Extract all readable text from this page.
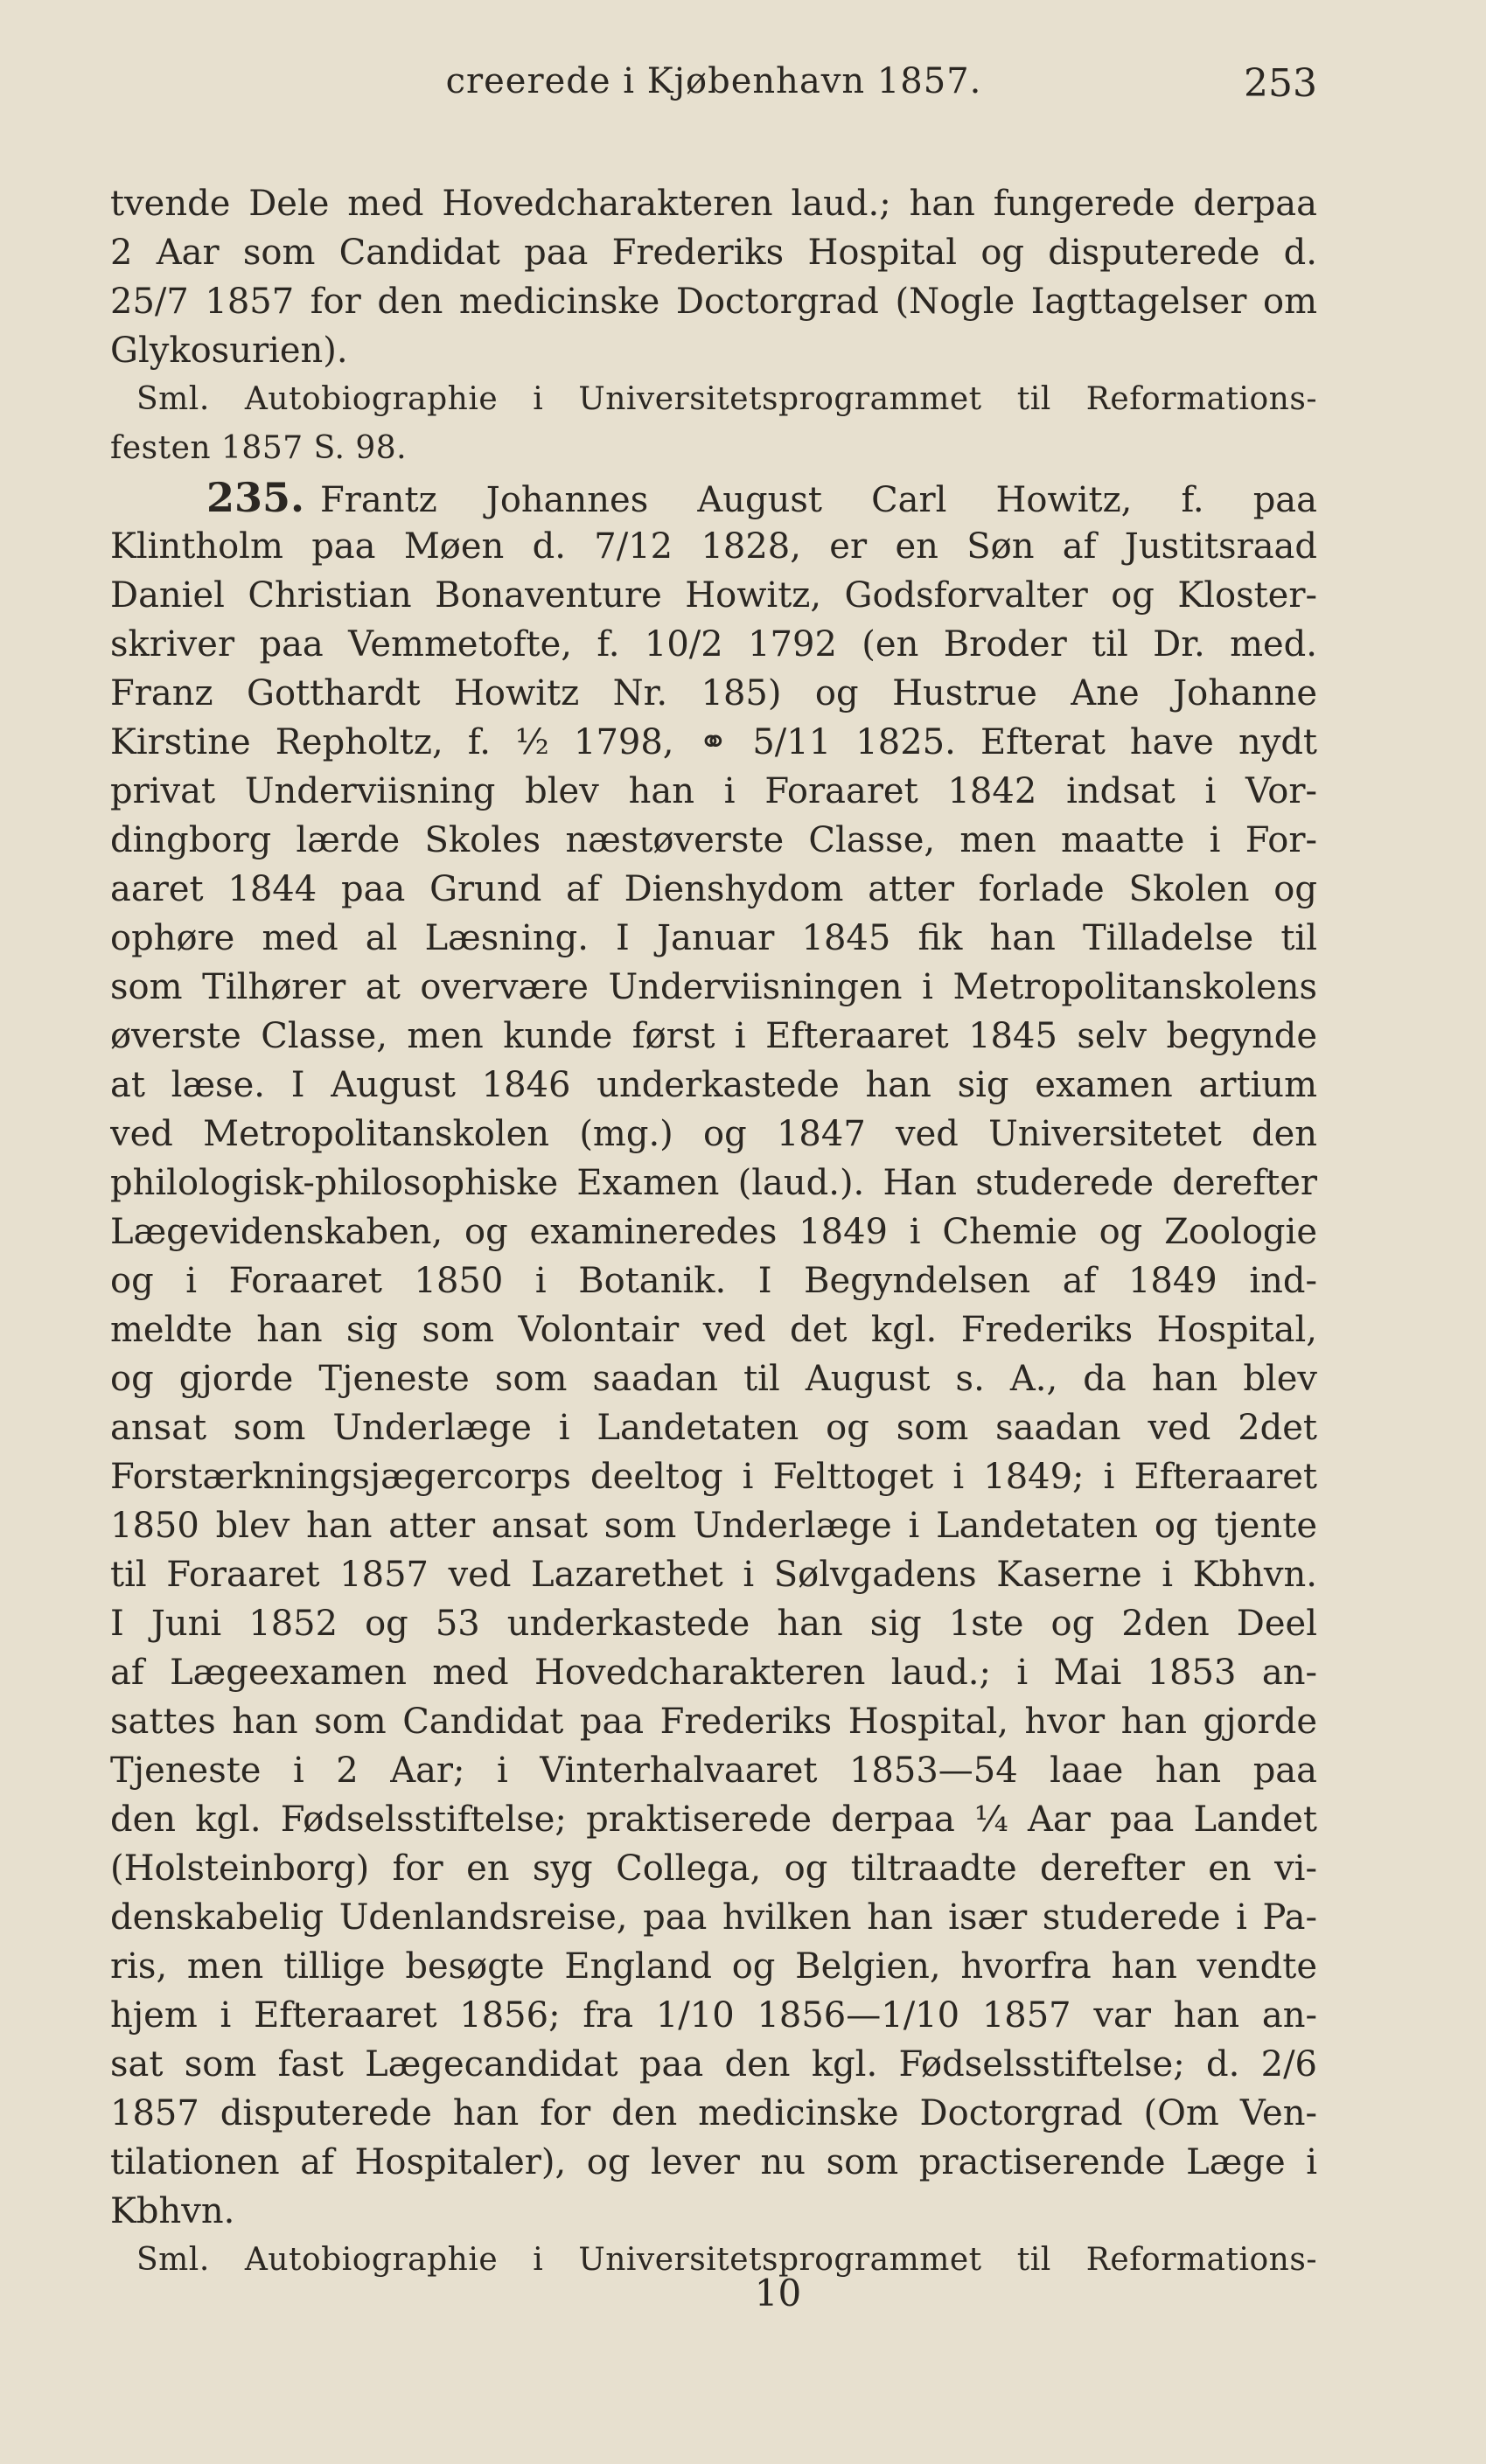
creerede i Kjøbenhavn 1857.	253
tvende Dele med Hovedcharakteren laud.; han fungerede derpaa
2 Aar som Candidat paa Frederiks Hospital og disputerede d.
25/7 1857 for den medicinske Doctorgrad (Nogle Iagttagelser om
Glykosurien).
Sml. Autobiographie i Universitetsprogrammet til Reformations-
festen 1857 S. 98.
235. Frantz Johannes August Carl Howitz, f. paa
Klintholm paa Møen d. 7/12 1828, er en Søn af Justitsraad
Daniel Christian Bonaventure Howitz, Godsforvalter og Kloster-
skriver paa Vemmetofte, f. 10/2 1792 (en Broder til Dr. med.
Franz Gotthardt Howitz Nr. 185) og Hustrue Ane Johanne
Kirstine Repholtz, f. ½ 1798, ⚭ 5/11 1825. Efterat have nydt
privat Underviisning blev han i Foraaret 1842 indsat i Vor-
dingborg lærde Skoles næstøverste Classe, men maatte i For-
aaret 1844 paa Grund af Dienshydom atter forlade Skolen og
ophøre med al Læsning. I Januar 1845 fik han Tilladelse til
som Tilhører at overvære Underviisningen i Metropolitanskolens
øverste Classe, men kunde først i Efteraaret 1845 selv begynde
at læse. I August 1846 underkastede han sig examen artium
ved Metropolitanskolen (mg.) og 1847 ved Universitetet den
philologisk-philosophiske Examen (laud.). Han studerede derefter
Lægevidenskaben, og examineredes 1849 i Chemie og Zoologie
og i Foraaret 1850 i Botanik. I Begyndelsen af 1849 ind-
meldte han sig som Volontair ved det kgl. Frederiks Hospital,
og gjorde Tjeneste som saadan til August s. A., da han blev
ansat som Underlæge i Landetaten og som saadan ved 2det
Forstærkningsjægercorps deeltog i Felttoget i 1849; i Efteraaret
1850 blev han atter ansat som Underlæge i Landetaten og tjente
til Foraaret 1857 ved Lazarethet i Sølvgadens Kaserne i Kbhvn.
I Juni 1852 og 53 underkastede han sig 1ste og 2den Deel
af Lægeexamen med Hovedcharakteren laud.; i Mai 1853 an-
sattes han som Candidat paa Frederiks Hospital, hvor han gjorde
Tjeneste i 2 Aar; i Vinterhalvaaret 1853—54 laae han paa
den kgl. Fødselsstiftelse; praktiserede derpaa ¼ Aar paa Landet
(Holsteinborg) for en syg Collega, og tiltraadte derefter en vi-
denskabelig Udenlandsreise, paa hvilken han især studerede i Pa-
ris, men tillige besøgte England og Belgien, hvorfra han vendte
hjem i Efteraaret 1856; fra 1/10 1856—1/10 1857 var han an-
sat som fast Lægecandidat paa den kgl. Fødselsstiftelse; d. 2/6
1857 disputerede han for den medicinske Doctorgrad (Om Ven-
tilationen af Hospitaler), og lever nu som practiserende Læge i
Kbhvn.
Sml. Autobiographie i Universitetsprogrammet til Reformations-
10
